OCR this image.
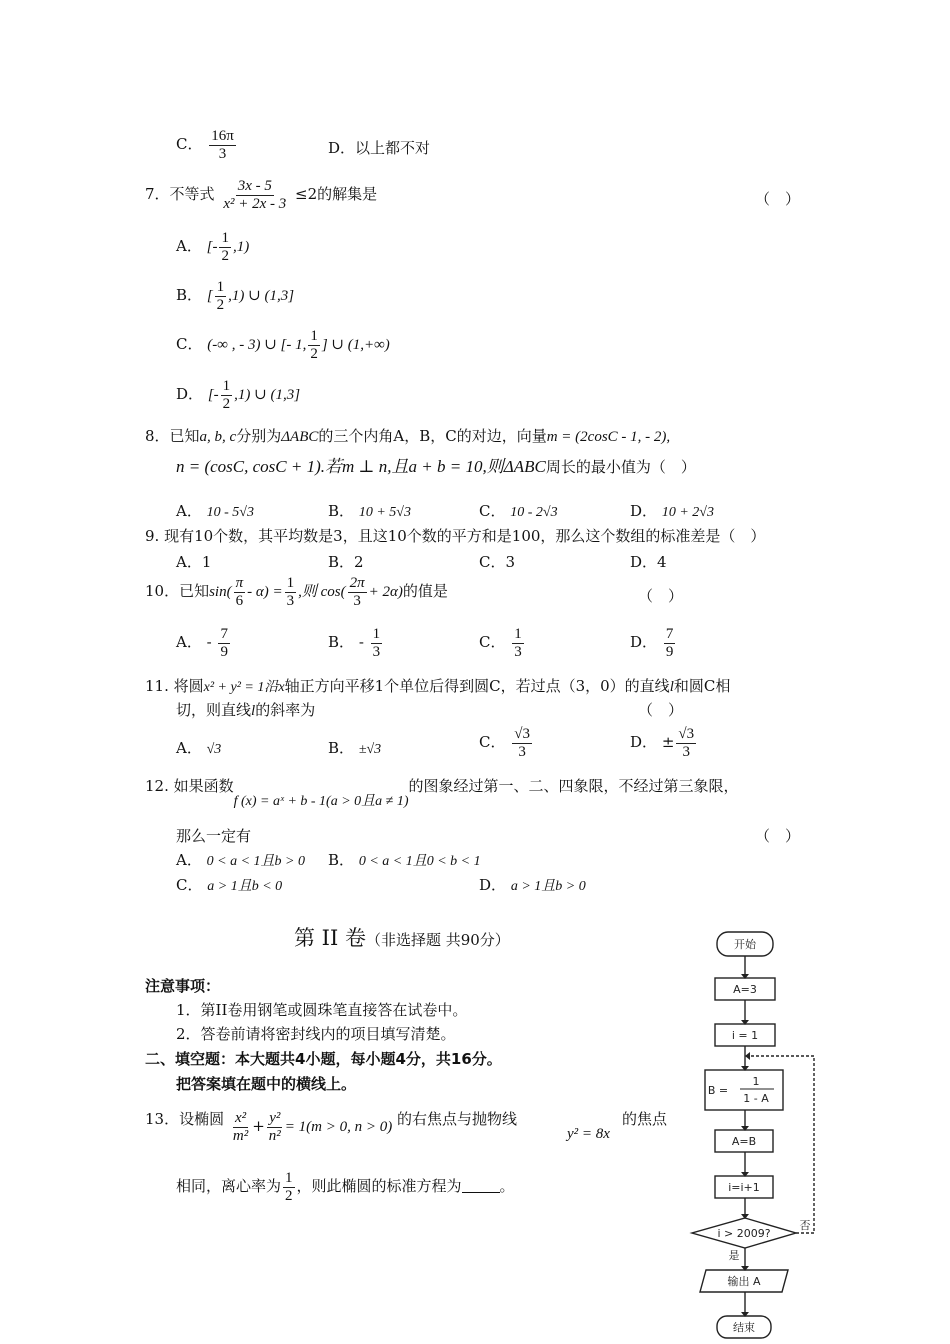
C． $\frac{16\pi}{3}$	D．以上都不对
7．不等式 $\frac{3x - 5}{\text{x² + 2x - 3}} \le 2$的解集是	（　）
A． [- $\frac{1}{2} ,1$)
B． [ $\frac{1}{2} ,1$) ∪ (1,3]
C． (-∞ , - 3) ∪ [- 1, $\frac{1}{2}$ ] ∪ (1,+∞)
D． [- $\frac{1}{2} ,1$) ∪ (1,3]
8．已知a, b, c分别为ΔABC的三个内角A，B，C的对边，向量m = (2cosC - 1, - 2),
n = (cosC, cosC + 1).若m ⊥ n,且a + b = 10,则ΔABC周长的最小值为（　）
A． 10 - 5√3	B． 10 + 5√3	C． 10 - 2√3	D． 10 + 2√3
9. 现有10个数，其平均数是3，且这10个数的平方和是100，那么这个数组的标准差是（　）
A．1	B．2	C．3	D．4
10．已知$\sin( \frac{\pi}{6} - \alpha) = \frac{1}{3}$ ,则 $\cos( \frac{2\pi}{3} + 2\alpha)$的值是	（　）
A． - $\frac{7}{9}$	B． - $\frac{1}{3}$	C． $\frac{1}{3}$	D． $\frac{7}{9}$
11. 将圆x² + y² = 1沿x轴正方向平移1个单位后得到圆C，若过点（3，0）的直线l和圆C相
切，则直线l的斜率为	（　）
A． √3	B． ±√3	C． $\frac{√3}{3}$	D． ± $\frac{√3}{3}$
12. 如果函数f (x) = aˣ + b - 1(a > 0且a ≠ 1)的图象经过第一、二、四象限，不经过第三象限，
那么一定有	（　）
A． 0 < a < 1且b > 0 B． 0 < a < 1且0 < b < 1
C． a > 1且b < 0	D． a > 1且b > 0
第 II 卷（非选择题 共90分）
注意事项：
1．第II卷用钢笔或圆珠笔直接答在试卷中。
2．答卷前请将密封线内的项目填写清楚。
二、填空题：本大题共4小题，每小题4分，共16分。
把答案填在题中的横线上。
13．设椭圆 $\frac{\text{x²}}{\text{m²}} + \frac{\text{y²}}{\text{n²}} = 1(m > 0$, n > 0) 的右焦点与抛物线
y² = 8x
的焦点
相同，离心率为 $\frac{1}{2}$ ，则此椭圆的标准方程为	。
开始
A=3
i = 1
B =
1
1 - A
A=B
i=i+1
i > 2009?
是
否
输出 A
结束
